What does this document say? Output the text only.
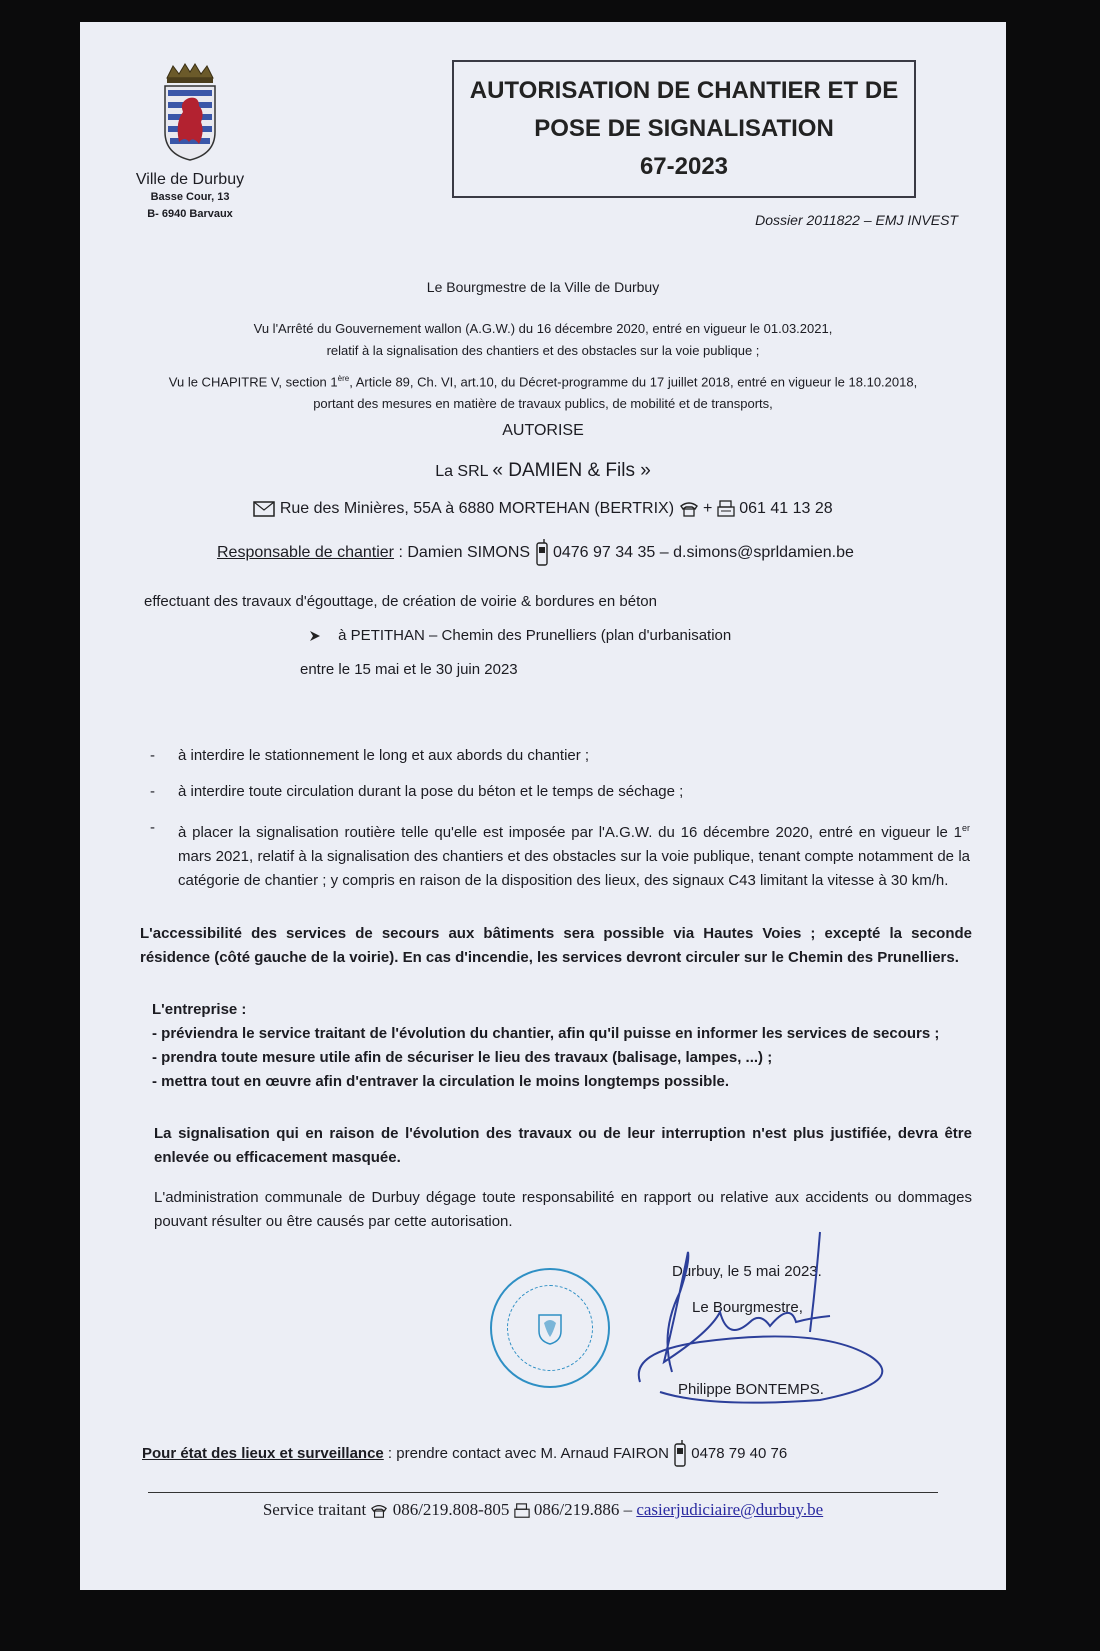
Ville de Durbuy
Basse Cour, 13
B- 6940 Barvaux
AUTORISATION DE CHANTIER ET DE
POSE DE SIGNALISATION
67-2023
Dossier 2011822 – EMJ INVEST
Le Bourgmestre de la Ville de Durbuy
Vu l'Arrêté du Gouvernement wallon (A.G.W.) du 16 décembre 2020, entré en vigueur le 01.03.2021,
relatif à la signalisation des chantiers et des obstacles sur la voie publique ;
Vu le CHAPITRE V, section 1ère, Article 89, Ch. VI, art.10, du Décret-programme du 17 juillet 2018, entré en vigueur le 18.10.2018,
portant des mesures en matière de travaux publics, de mobilité et de transports,
AUTORISE
La SRL « DAMIEN & Fils »
Rue des Minières, 55A à 6880 MORTEHAN (BERTRIX) + 061 41 13 28
Responsable de chantier : Damien SIMONS 0476 97 34 35 – d.simons@sprldamien.be
effectuant des travaux d'égouttage, de création de voirie & bordures en béton
à PETITHAN – Chemin des Prunelliers (plan d'urbanisation
entre le 15 mai et le 30 juin 2023
- à interdire le stationnement le long et aux abords du chantier ;
- à interdire toute circulation durant la pose du béton et le temps de séchage ;
- à placer la signalisation routière telle qu'elle est imposée par l'A.G.W. du 16 décembre 2020, entré en vigueur le 1er mars 2021, relatif à la signalisation des chantiers et des obstacles sur la voie publique, tenant compte notamment de la catégorie de chantier ; y compris en raison de la disposition des lieux, des signaux C43 limitant la vitesse à 30 km/h.
L'accessibilité des services de secours aux bâtiments sera possible via Hautes Voies ; excepté la seconde résidence (côté gauche de la voirie). En cas d'incendie, les services devront circuler sur le Chemin des Prunelliers.
L'entreprise :
- préviendra le service traitant de l'évolution du chantier, afin qu'il puisse en informer les services de secours ;
- prendra toute mesure utile afin de sécuriser le lieu des travaux (balisage, lampes, ...) ;
- mettra tout en œuvre afin d'entraver la circulation le moins longtemps possible.
La signalisation qui en raison de l'évolution des travaux ou de leur interruption n'est plus justifiée, devra être enlevée ou efficacement masquée.
L'administration communale de Durbuy dégage toute responsabilité en rapport ou relative aux accidents ou dommages pouvant résulter ou être causés par cette autorisation.
Durbuy, le 5 mai 2023.
Le Bourgmestre,
Philippe BONTEMPS.
Pour état des lieux et surveillance : prendre contact avec M. Arnaud FAIRON 0478 79 40 76
Service traitant 086/219.808-805 086/219.886 – casierjudiciaire@durbuy.be
